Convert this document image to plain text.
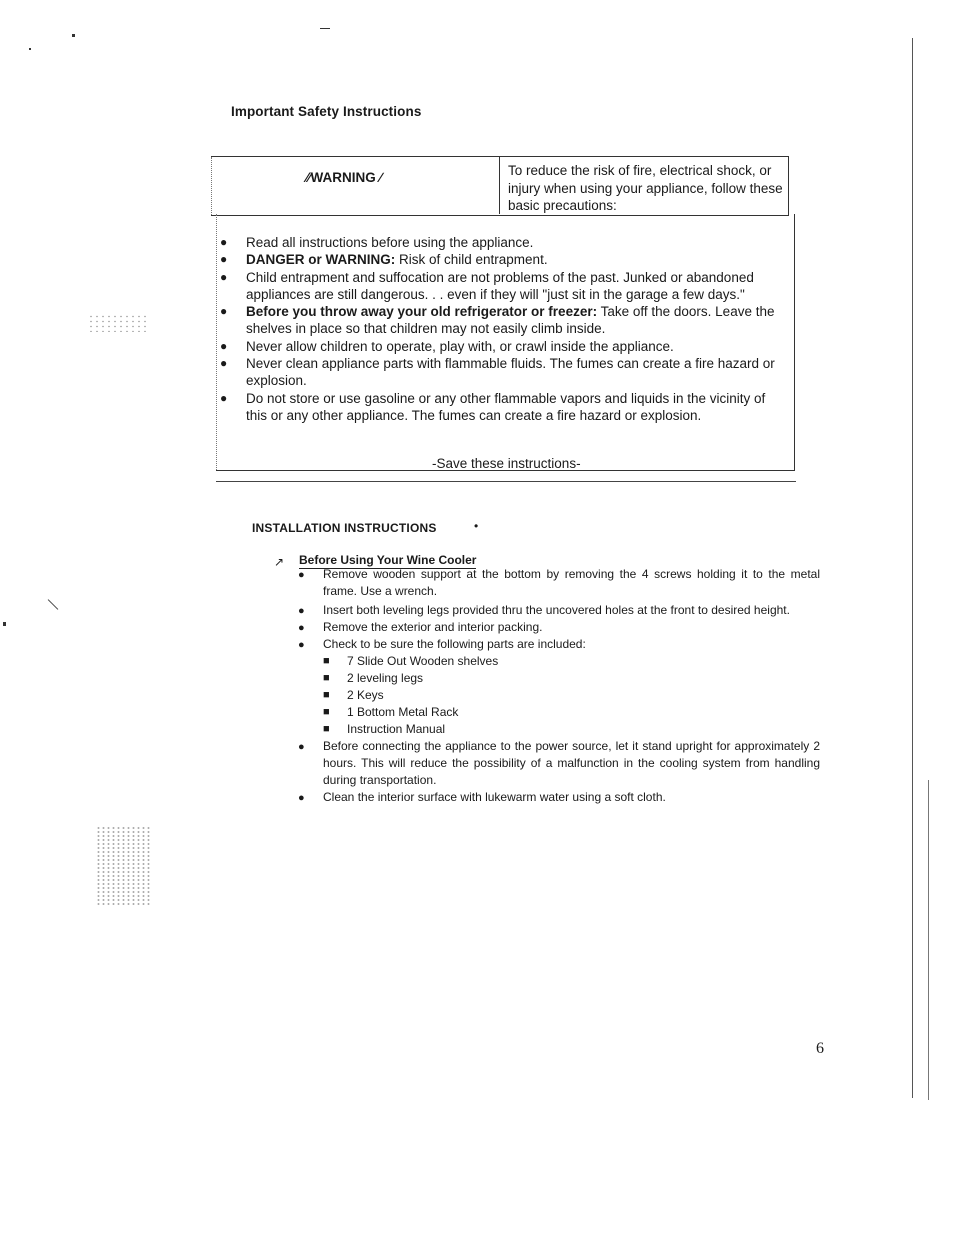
Important Safety Instructions
⁄∕WARNING ∕	To reduce the risk of fire, electrical shock, or injury when using your appliance, follow these basic precautions:

● Read all instructions before using the appliance.

● DANGER or WARNING: Risk of child entrapment.

● Child entrapment and suffocation are not problems of the past. Junked or abandoned appliances are still dangerous. . . even if they will "just sit in the garage a few days."

● Before you throw away your old refrigerator or freezer: Take off the doors. Leave the shelves in place so that children may not easily climb inside.

● Never allow children to operate, play with, or crawl inside the appliance.

● Never clean appliance parts with flammable fluids. The fumes can create a fire hazard or explosion.

● Do not store or use gasoline or any other flammable vapors and liquids in the vicinity of this or any other appliance. The fumes can create a fire hazard or explosion.

-Save these instructions-
INSTALLATION INSTRUCTIONS	•
↗ Before Using Your Wine Cooler
● Remove wooden support at the bottom by removing the 4 screws holding it to the metal frame. Use a wrench.
● Insert both leveling legs provided thru the uncovered holes at the front to desired height.
● Remove the exterior and interior packing.
● Check to be sure the following parts are included:
■ 7 Slide Out Wooden shelves
■ 2 leveling legs
■ 2 Keys
■ 1 Bottom Metal Rack
■ Instruction Manual
● Before connecting the appliance to the power source, let it stand upright for approximately 2 hours. This will reduce the possibility of a malfunction in the cooling system from handling during transportation.
● Clean the interior surface with lukewarm water using a soft cloth.
6
